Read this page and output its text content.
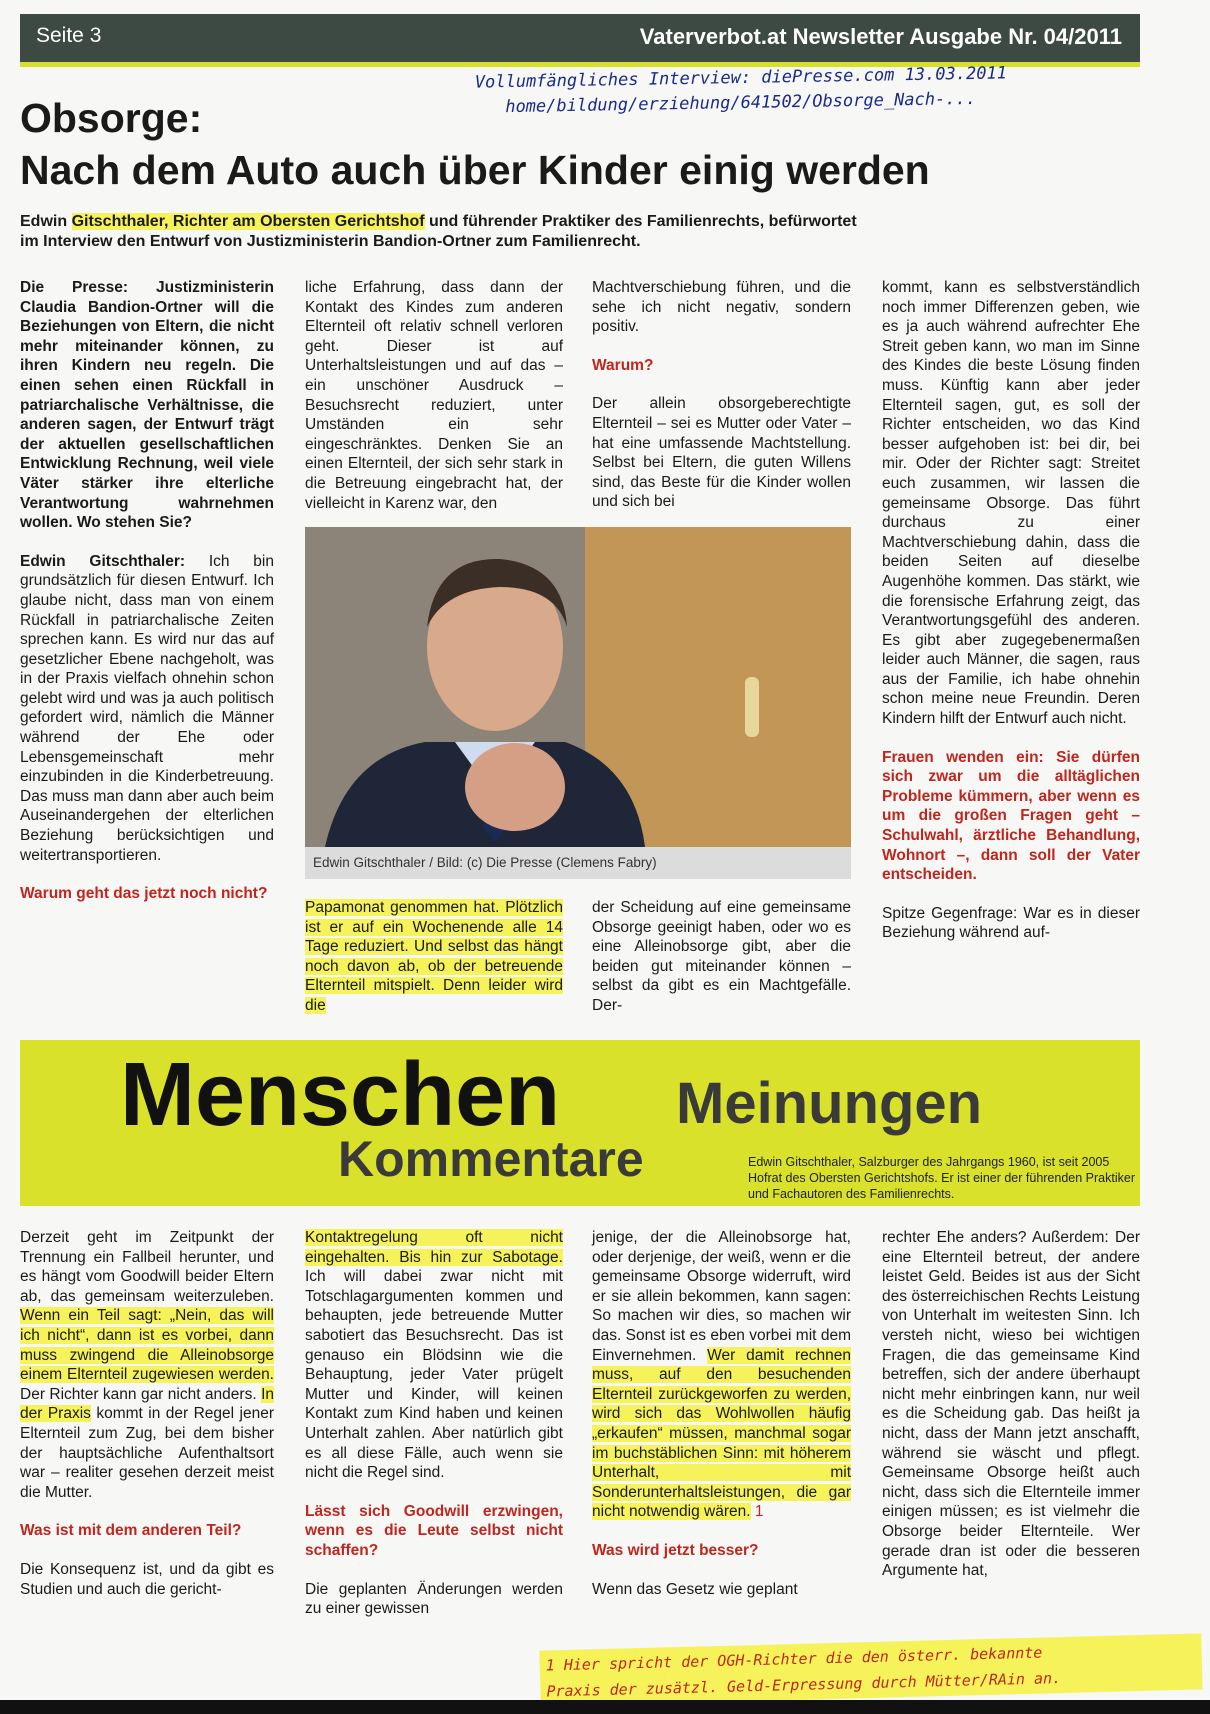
Seite 3	Vaterverbot.at Newsletter Ausgabe Nr. 04/2011
Vollumfängliches Interview: diePresse.com 13.03.2011
home/bildung/erziehung/641502/Obsorge_Nach-...
Obsorge:
Nach dem Auto auch über Kinder einig werden
Edwin Gitschthaler, Richter am Obersten Gerichtshof und führender Praktiker des Familienrechts, befürwortet im Interview den Entwurf von Justizministerin Bandion-Ortner zum Familienrecht.

Die Presse: Justizministerin Claudia Bandion-Ortner will die Beziehungen von Eltern, die nicht mehr miteinander können, zu ihren Kindern neu regeln. Die einen sehen einen Rückfall in patriarchalische Verhältnisse, die anderen sagen, der Entwurf trägt der aktuellen gesellschaftlichen Entwicklung Rechnung, weil viele Väter stärker ihre elterliche Verantwortung wahrnehmen wollen. Wo stehen Sie?

Edwin Gitschthaler: Ich bin grundsätzlich für diesen Entwurf. Ich glaube nicht, dass man von einem Rückfall in patriarchalische Zeiten sprechen kann. Es wird nur das auf gesetzlicher Ebene nachgeholt, was in der Praxis vielfach ohnehin schon gelebt wird und was ja auch politisch gefordert wird, nämlich die Männer während der Ehe oder Lebensgemeinschaft mehr einzubinden in die Kinderbetreuung. Das muss man dann aber auch beim Auseinandergehen der elterlichen Beziehung berücksichtigen und weitertransportieren.

Warum geht das jetzt noch nicht?

liche Erfahrung, dass dann der Kontakt des Kindes zum anderen Elternteil oft relativ schnell verloren geht. Dieser ist auf Unterhaltsleistungen und auf das – ein unschöner Ausdruck – Besuchsrecht reduziert, unter Umständen ein sehr eingeschränktes. Denken Sie an einen Elternteil, der sich sehr stark in die Betreuung eingebracht hat, der vielleicht in Karenz war, den

Papamonat genommen hat. Plötzlich ist er auf ein Wochenende alle 14 Tage reduziert. Und selbst das hängt noch davon ab, ob der betreuende Elternteil mitspielt. Denn leider wird die

Machtverschiebung führen, und die sehe ich nicht negativ, sondern positiv.

Warum?

Der allein obsorgeberechtigte Elternteil – sei es Mutter oder Vater – hat eine umfassende Machtstellung. Selbst bei Eltern, die guten Willens sind, das Beste für die Kinder wollen und sich bei

der Scheidung auf eine gemeinsame Obsorge geeinigt haben, oder wo es eine Alleinobsorge gibt, aber die beiden gut miteinander können – selbst da gibt es ein Machtgefälle. Der-

kommt, kann es selbstverständlich noch immer Differenzen geben, wie es ja auch während aufrechter Ehe Streit geben kann, wo man im Sinne des Kindes die beste Lösung finden muss. Künftig kann aber jeder Elternteil sagen, gut, es soll der Richter entscheiden, wo das Kind besser aufgehoben ist: bei dir, bei mir. Oder der Richter sagt: Streitet euch zusammen, wir lassen die gemeinsame Obsorge. Das führt durchaus zu einer Machtverschiebung dahin, dass die beiden Seiten auf dieselbe Augenhöhe kommen. Das stärkt, wie die forensische Erfahrung zeigt, das Verantwortungsgefühl des anderen. Es gibt aber zugegebenermaßen leider auch Männer, die sagen, raus aus der Familie, ich habe ohnehin schon meine neue Freundin. Deren Kindern hilft der Entwurf auch nicht.

Frauen wenden ein: Sie dürfen sich zwar um die alltäglichen Probleme kümmern, aber wenn es um die großen Fragen geht – Schulwahl, ärztliche Behandlung, Wohnort –, dann soll der Vater entscheiden.

Spitze Gegenfrage: War es in dieser Beziehung während auf-

Edwin Gitschthaler / Bild: (c) Die Presse (Clemens Fabry)
Menschen Meinungen
Kommentare	Edwin Gitschthaler, Salzburger des Jahrgangs 1960, ist seit 2005 Hofrat des Obersten Gerichtshofs. Er ist einer der führenden Praktiker und Fachautoren des Familienrechts.

Derzeit geht im Zeitpunkt der Trennung ein Fallbeil herunter, und es hängt vom Goodwill beider Eltern ab, das gemeinsam weiterzuleben. Wenn ein Teil sagt: „Nein, das will ich nicht“, dann ist es vorbei, dann muss zwingend die Alleinobsorge einem Elternteil zugewiesen werden. Der Richter kann gar nicht anders. In der Praxis kommt in der Regel jener Elternteil zum Zug, bei dem bisher der hauptsächliche Aufenthaltsort war – realiter gesehen derzeit meist die Mutter.

Was ist mit dem anderen Teil?

Die Konsequenz ist, und da gibt es Studien und auch die gericht-

Kontaktregelung oft nicht eingehalten. Bis hin zur Sabotage. Ich will dabei zwar nicht mit Totschlagargumenten kommen und behaupten, jede betreuende Mutter sabotiert das Besuchsrecht. Das ist genauso ein Blödsinn wie die Behauptung, jeder Vater prügelt Mutter und Kinder, will keinen Kontakt zum Kind haben und keinen Unterhalt zahlen. Aber natürlich gibt es all diese Fälle, auch wenn sie nicht die Regel sind.

Lässt sich Goodwill erzwingen, wenn es die Leute selbst nicht schaffen?

Die geplanten Änderungen werden zu einer gewissen

jenige, der die Alleinobsorge hat, oder derjenige, der weiß, wenn er die gemeinsame Obsorge widerruft, wird er sie allein bekommen, kann sagen: So machen wir dies, so machen wir das. Sonst ist es eben vorbei mit dem Einvernehmen. Wer damit rechnen muss, auf den besuchenden Elternteil zurückgeworfen zu werden, wird sich das Wohlwollen häufig „erkaufen“ müssen, manchmal sogar im buchstäblichen Sinn: mit höherem Unterhalt, mit Sonderunterhaltsleistungen, die gar nicht notwendig wären. 1

Was wird jetzt besser?

Wenn das Gesetz wie geplant

rechter Ehe anders? Außerdem: Der eine Elternteil betreut, der andere leistet Geld. Beides ist aus der Sicht des österreichischen Rechts Leistung von Unterhalt im weitesten Sinn. Ich versteh nicht, wieso bei wichtigen Fragen, die das gemeinsame Kind betreffen, sich der andere überhaupt nicht mehr einbringen kann, nur weil es die Scheidung gab. Das heißt ja nicht, dass der Mann jetzt anschafft, während sie wäscht und pflegt. Gemeinsame Obsorge heißt auch nicht, dass sich die Elternteile immer einigen müssen; es ist vielmehr die Obsorge beider Elternteile. Wer gerade dran ist oder die besseren Argumente hat,

1 Hier spricht der OGH-Richter die den österr. bekannte
Praxis der zusätzl. Geld-Erpressung durch Mütter/RAin an.
